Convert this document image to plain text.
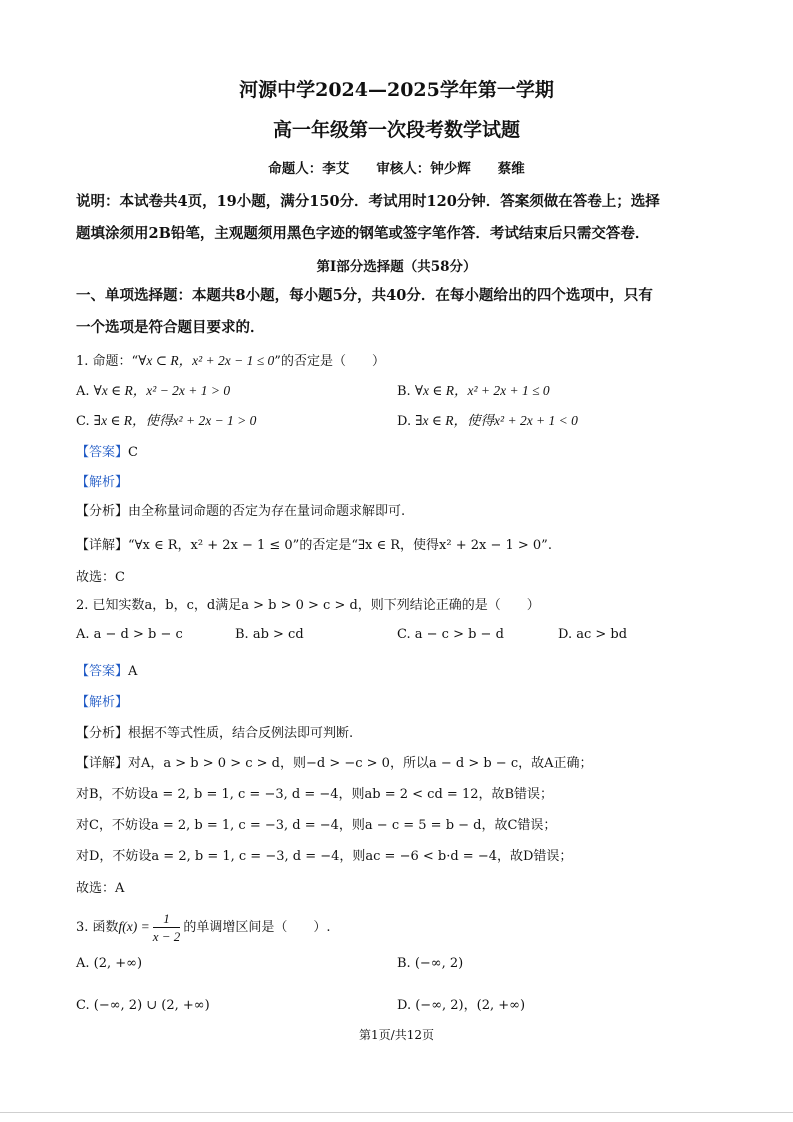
河源中学2024—2025学年第一学期
高一年级第一次段考数学试题
命题人：李艾　　审核人：钟少辉　　蔡维
说明：本试卷共4页，19小题，满分150分．考试用时120分钟．答案须做在答卷上；选择
题填涂须用2B铅笔，主观题须用黑色字迹的钢笔或签字笔作答．考试结束后只需交答卷．
第Ⅰ部分选择题（共58分）
一、单项选择题：本题共8小题，每小题5分，共40分．在每小题给出的四个选项中，只有
一个选项是符合题目要求的．
1. 命题：“∀x ⊂ R，x² + 2x − 1 ≤ 0”的否定是（　　）
A. ∀x ∈ R，x² − 2x + 1 > 0	B. ∀x ∈ R，x² + 2x + 1 ≤ 0
C. ∃x ∈ R，使得x² + 2x − 1 > 0	D. ∃x ∈ R，使得x² + 2x + 1 < 0
【答案】C
【解析】
【分析】由全称量词命题的否定为存在量词命题求解即可.
【详解】“∀x ∈ R，x² + 2x − 1 ≤ 0”的否定是“∃x ∈ R，使得x² + 2x − 1 > 0”.
故选：C
2. 已知实数a，b，c，d满足a > b > 0 > c > d，则下列结论正确的是（　　）
A. a − d > b − c	B. ab > cd	C. a − c > b − d	D. ac > bd
【答案】A
【解析】
【分析】根据不等式性质，结合反例法即可判断.
【详解】对A，a > b > 0 > c > d，则−d > −c > 0，所以a − d > b − c，故A正确；
对B，不妨设a = 2, b = 1, c = −3, d = −4，则ab = 2 < cd = 12，故B错误；
对C，不妨设a = 2, b = 1, c = −3, d = −4，则a − c = 5 = b − d，故C错误；
对D，不妨设a = 2, b = 1, c = −3, d = −4，则ac = −6 < b·d = −4，故D错误；
故选：A
3. 函数$f(x) = \frac{1}{x - 2}$ 的单调增区间是（　　）.
A. (2, +∞)	B. (−∞, 2)
C. (−∞, 2) ∪ (2, +∞)	D. (−∞, 2)，(2, +∞)
第1页/共12页
